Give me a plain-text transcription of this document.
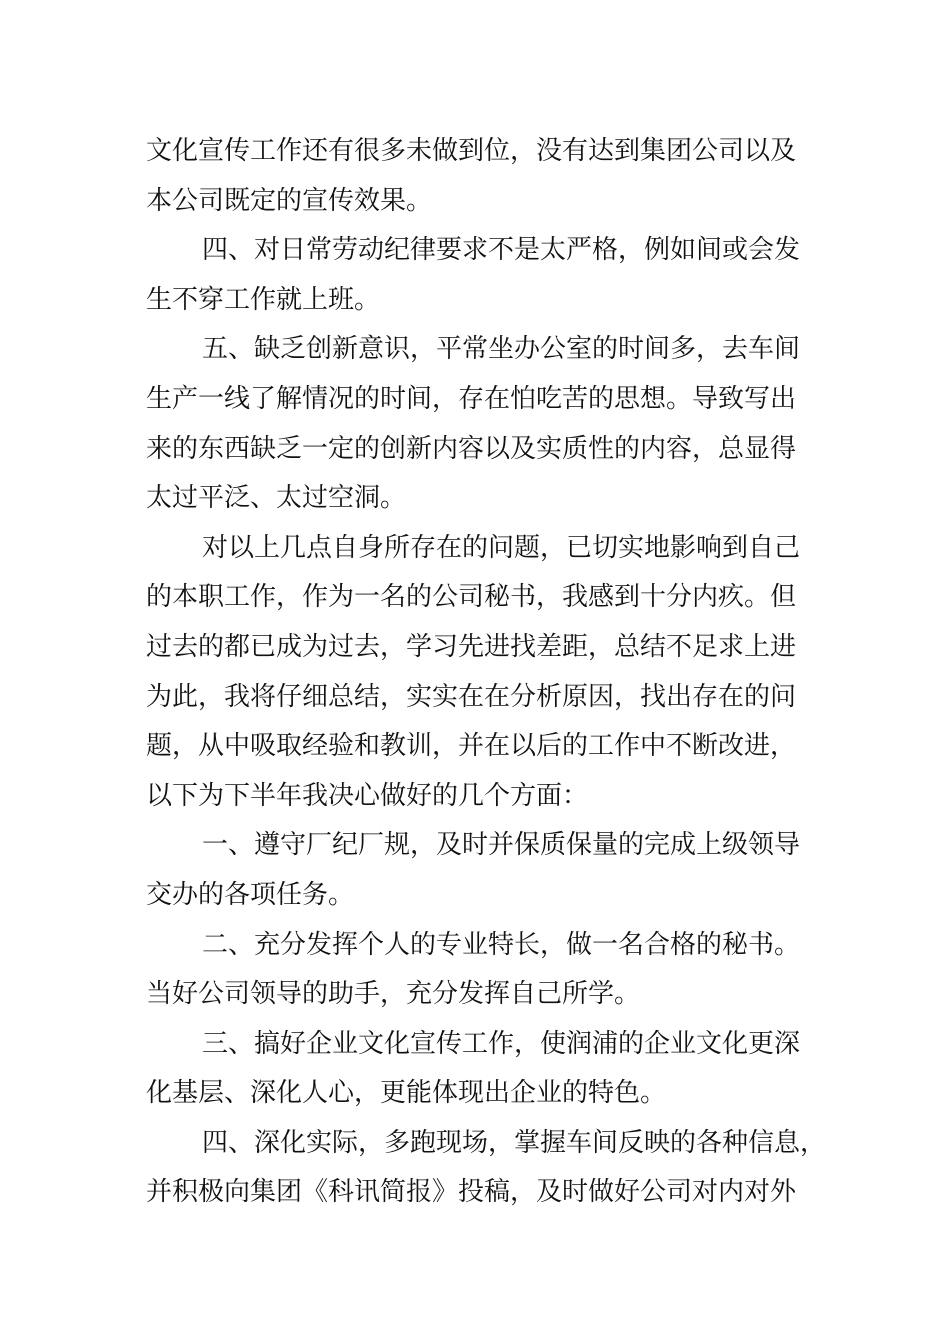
文化宣传工作还有很多未做到位，没有达到集团公司以及
本公司既定的宣传效果。
四、对日常劳动纪律要求不是太严格，例如间或会发
生不穿工作就上班。
五、缺乏创新意识，平常坐办公室的时间多，去车间
生产一线了解情况的时间，存在怕吃苦的思想。导致写出
来的东西缺乏一定的创新内容以及实质性的内容，总显得
太过平泛、太过空洞。
对以上几点自身所存在的问题，已切实地影响到自己
的本职工作，作为一名的公司秘书，我感到十分内疚。但
过去的都已成为过去，学习先进找差距，总结不足求上进
为此，我将仔细总结，实实在在分析原因，找出存在的问
题，从中吸取经验和教训，并在以后的工作中不断改进，
以下为下半年我决心做好的几个方面：
一、遵守厂纪厂规，及时并保质保量的完成上级领导
交办的各项任务。
二、充分发挥个人的专业特长，做一名合格的秘书。
当好公司领导的助手，充分发挥自己所学。
三、搞好企业文化宣传工作，使润浦的企业文化更深
化基层、深化人心，更能体现出企业的特色。
四、深化实际，多跑现场，掌握车间反映的各种信息，
并积极向集团《科讯简报》投稿，及时做好公司对内对外
